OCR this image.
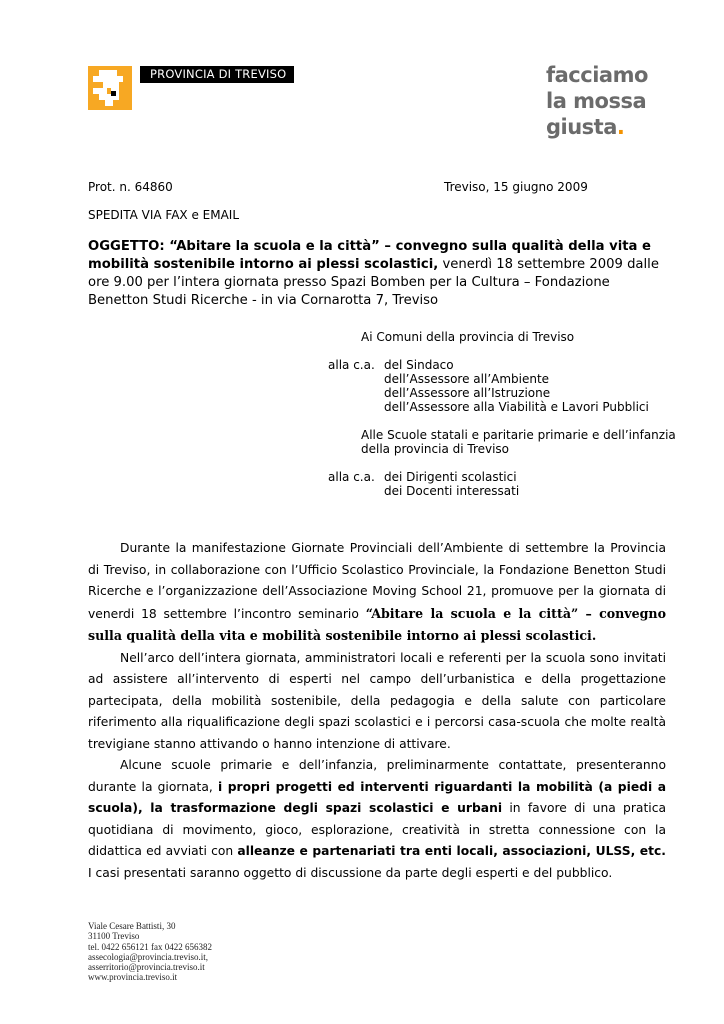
PROVINCIA DI TREVISO	facciamo
la mossa
giusta.
Prot. n. 64860	Treviso, 15 giugno 2009
SPEDITA VIA FAX e EMAIL
OGGETTO: “Abitare la scuola e la città” – convegno sulla qualità della vita e mobilità sostenibile intorno ai plessi scolastici, venerdì 18 settembre 2009 dalle ore 9.00 per l’intera giornata presso Spazi Bomben per la Cultura – Fondazione Benetton Studi Ricerche - in via Cornarotta 7, Treviso
Ai Comuni della provincia di Treviso
alla c.a. del Sindaco
dell’Assessore all’Ambiente
dell’Assessore all’Istruzione
dell’Assessore alla Viabilità e Lavori Pubblici
Alle Scuole statali e paritarie primarie e dell’infanzia
della provincia di Treviso
alla c.a. dei Dirigenti scolastici
dei Docenti interessati

Durante la manifestazione Giornate Provinciali dell’Ambiente di settembre la Provincia di Treviso, in collaborazione con l’Ufficio Scolastico Provinciale, la Fondazione Benetton Studi Ricerche e l’organizzazione dell’Associazione Moving School 21, promuove per la giornata di venerdi 18 settembre l’incontro seminario “Abitare la scuola e la città” – convegno sulla qualità della vita e mobilità sostenibile intorno ai plessi scolastici.

Nell’arco dell’intera giornata, amministratori locali e referenti per la scuola sono invitati ad assistere all’intervento di esperti nel campo dell’urbanistica e della progettazione partecipata, della mobilità sostenibile, della pedagogia e della salute con particolare riferimento alla riqualificazione degli spazi scolastici e i percorsi casa-scuola che molte realtà trevigiane stanno attivando o hanno intenzione di attivare.

Alcune scuole primarie e dell’infanzia, preliminarmente contattate, presenteranno durante la giornata, i propri progetti ed interventi riguardanti la mobilità (a piedi a scuola), la trasformazione degli spazi scolastici e urbani in favore di una pratica quotidiana di movimento, gioco, esplorazione, creatività in stretta connessione con la didattica ed avviati con alleanze e partenariati tra enti locali, associazioni, ULSS, etc. I casi presentati saranno oggetto di discussione da parte degli esperti e del pubblico.

Viale Cesare Battisti, 30
31100 Treviso
tel. 0422 656121 fax 0422 656382
assecologia@provincia.treviso.it,
asserritorio@provincia.treviso.it
www.provincia.treviso.it
